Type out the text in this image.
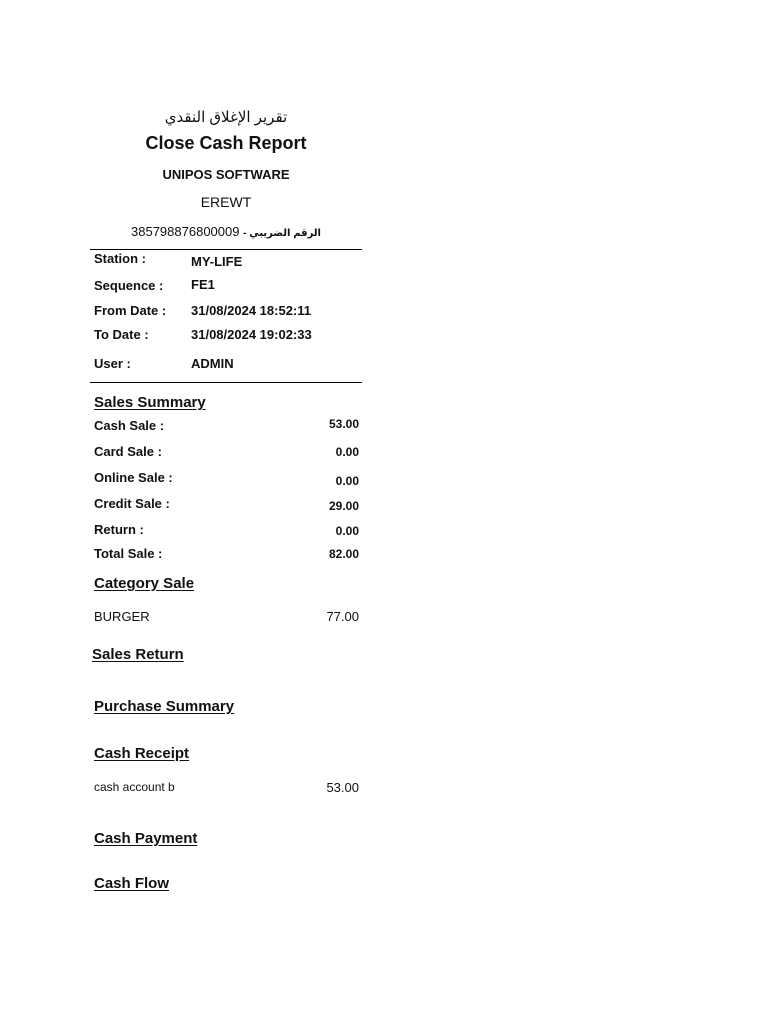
تقرير الإغلاق النقدي
Close Cash Report
UNIPOS SOFTWARE
EREWT
385798876800009 الرقم الضريبي -
Station :	MY-LIFE
Sequence : FE1
From Date : 31/08/2024 18:52:11
To Date :	31/08/2024 19:02:33
User :	ADMIN
Sales Summary
Cash Sale :	53.00
Card Sale :	0.00
Online Sale :	0.00
Credit Sale :	29.00
Return :	0.00
Total Sale :	82.00
Category Sale
BURGER	77.00
Sales Return
Purchase Summary
Cash Receipt
cash account b	53.00
Cash Payment
Cash Flow
